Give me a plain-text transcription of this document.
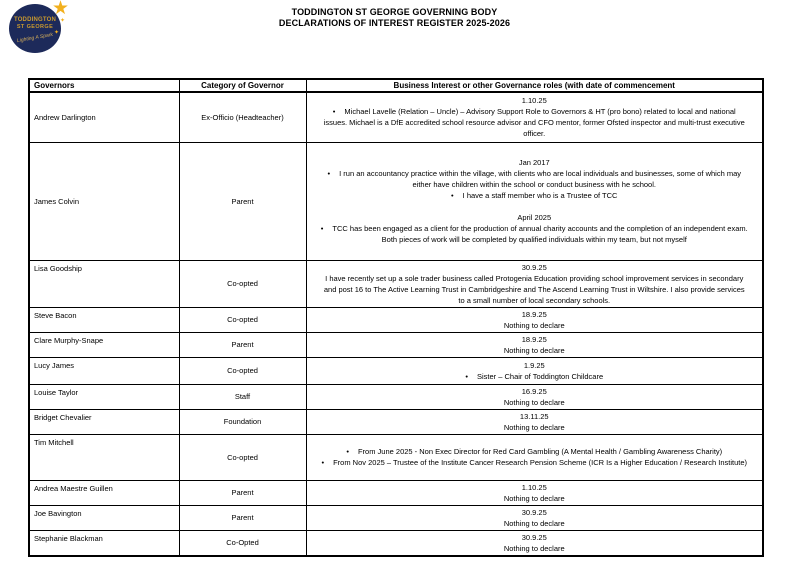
TODDINGTON
ST GEORGE
Lighting A Spark
★
✦
✦
TODDINGTON ST GEORGE GOVERNING BODY
DECLARATIONS OF INTEREST REGISTER 2025-2026
Governors	Category of Governor	Business Interest or other Governance roles (with date of commencement
Andrew Darlington	Ex-Officio (Headteacher)	1.10.25
• Michael Lavelle (Relation – Uncle) – Advisory Support Role to Governors & HT (pro bono) related to local and national issues. Michael is a DfE accredited school resource advisor and CFO mentor, former Ofsted inspector and multi-trust executive officer.

James Colvin	Parent	Jan 2017
• I run an accountancy practice within the village, with clients who are local individuals and businesses, some of which may either have children within the school or conduct business with he school.
• I have a staff member who is a Trustee of TCC
April 2025
• TCC has been engaged as a client for the production of annual charity accounts and the completion of an independent exam. Both pieces of work will be completed by qualified individuals within my team, but not myself

Lisa Goodship	Co-opted	30.9.25
I have recently set up a sole trader business called Protogenia Education providing school improvement services in secondary and post 16 to The Active Learning Trust in Cambridgeshire and The Ascend Learning Trust in Wiltshire. I also provide services to a small number of local secondary schools.

Steve Bacon	Co-opted	18.9.25
Nothing to declare

Clare Murphy-Snape	Parent	18.9.25
Nothing to declare

Lucy James	Co-opted	1.9.25
• Sister – Chair of Toddington Childcare

Louise Taylor	Staff	16.9.25
Nothing to declare

Bridget Chevalier	Foundation	13.11.25
Nothing to declare

Tim Mitchell	Co-opted	• From June 2025 - Non Exec Director for Red Card Gambling (A Mental Health / Gambling Awareness Charity)
• From Nov 2025 – Trustee of the Institute Cancer Research Pension Scheme (ICR Is a Higher Education / Research Institute)

Andrea Maestre Guillen	Parent	1.10.25
Nothing to declare

Joe Bavington	Parent	30.9.25
Nothing to declare

Stephanie Blackman	Co-Opted	30.9.25
Nothing to declare
